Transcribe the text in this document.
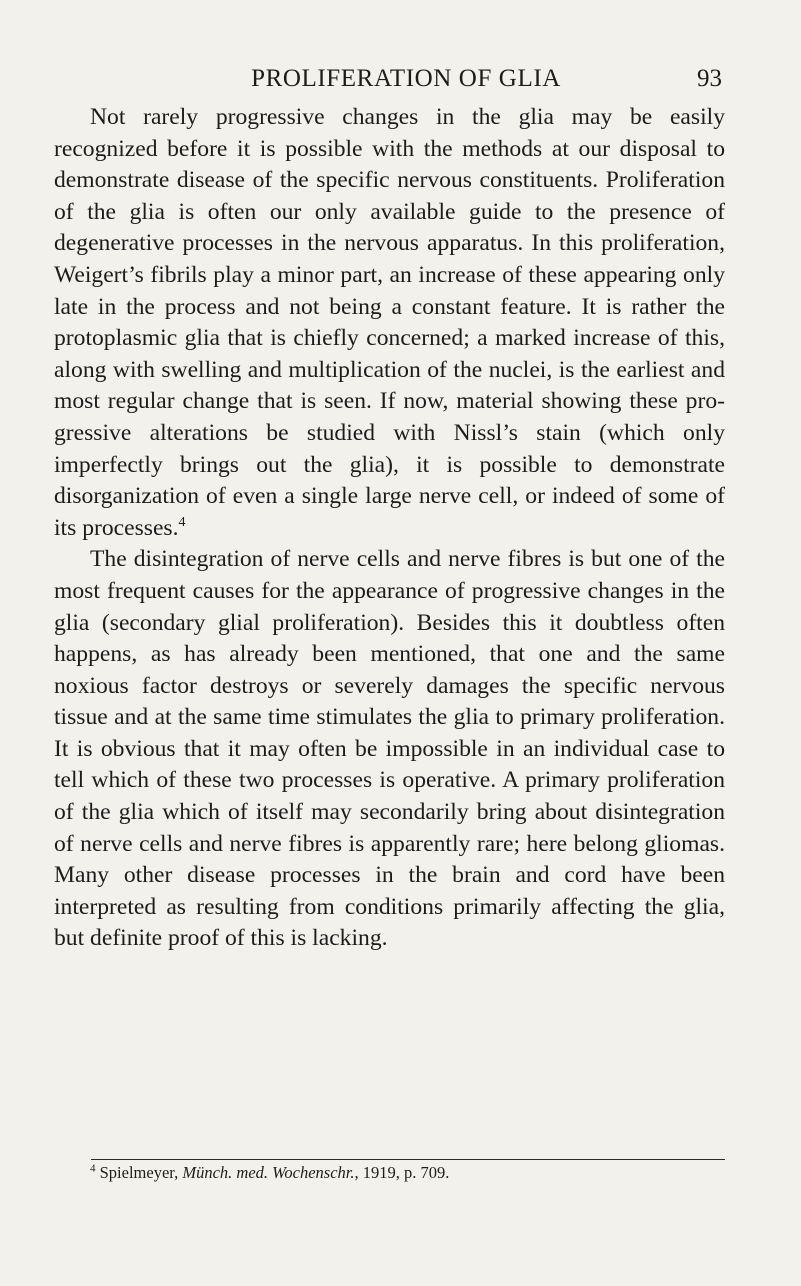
PROLIFERATION OF GLIA	93

Not rarely progressive changes in the glia may be easily recognized before it is possible with the methods at our disposal to demonstrate disease of the specific nervous constituents. Proliferation of the glia is often our only available guide to the presence of degenerative processes in the nervous apparatus. In this proliferation, Weigert’s fibrils play a minor part, an increase of these appearing only late in the process and not being a constant feature. It is rather the protoplasmic glia that is chiefly concerned; a marked increase of this, along with swelling and multiplication of the nuclei, is the earliest and most regular change that is seen. If now, material showing these progressive alterations be studied with Nissl’s stain (which only imperfectly brings out the glia), it is possible to demonstrate disorganization of even a single large nerve cell, or indeed of some of its processes.$^4$

The disintegration of nerve cells and nerve fibres is but one of the most frequent causes for the appearance of progressive changes in the glia (secondary glial proliferation). Besides this it doubtless often happens, as has already been mentioned, that one and the same noxious factor destroys or severely damages the specific nervous tissue and at the same time stimulates the glia to primary proliferation. It is obvious that it may often be impossible in an individual case to tell which of these two processes is operative. A primary proliferation of the glia which of itself may secondarily bring about disintegration of nerve cells and nerve fibres is apparently rare; here belong gliomas. Many other disease processes in the brain and cord have been interpreted as resulting from conditions primarily affecting the glia, but definite proof of this is lacking.

$^4$ Spielmeyer, Münch. med. Wochenschr., 1919, p. 709.
